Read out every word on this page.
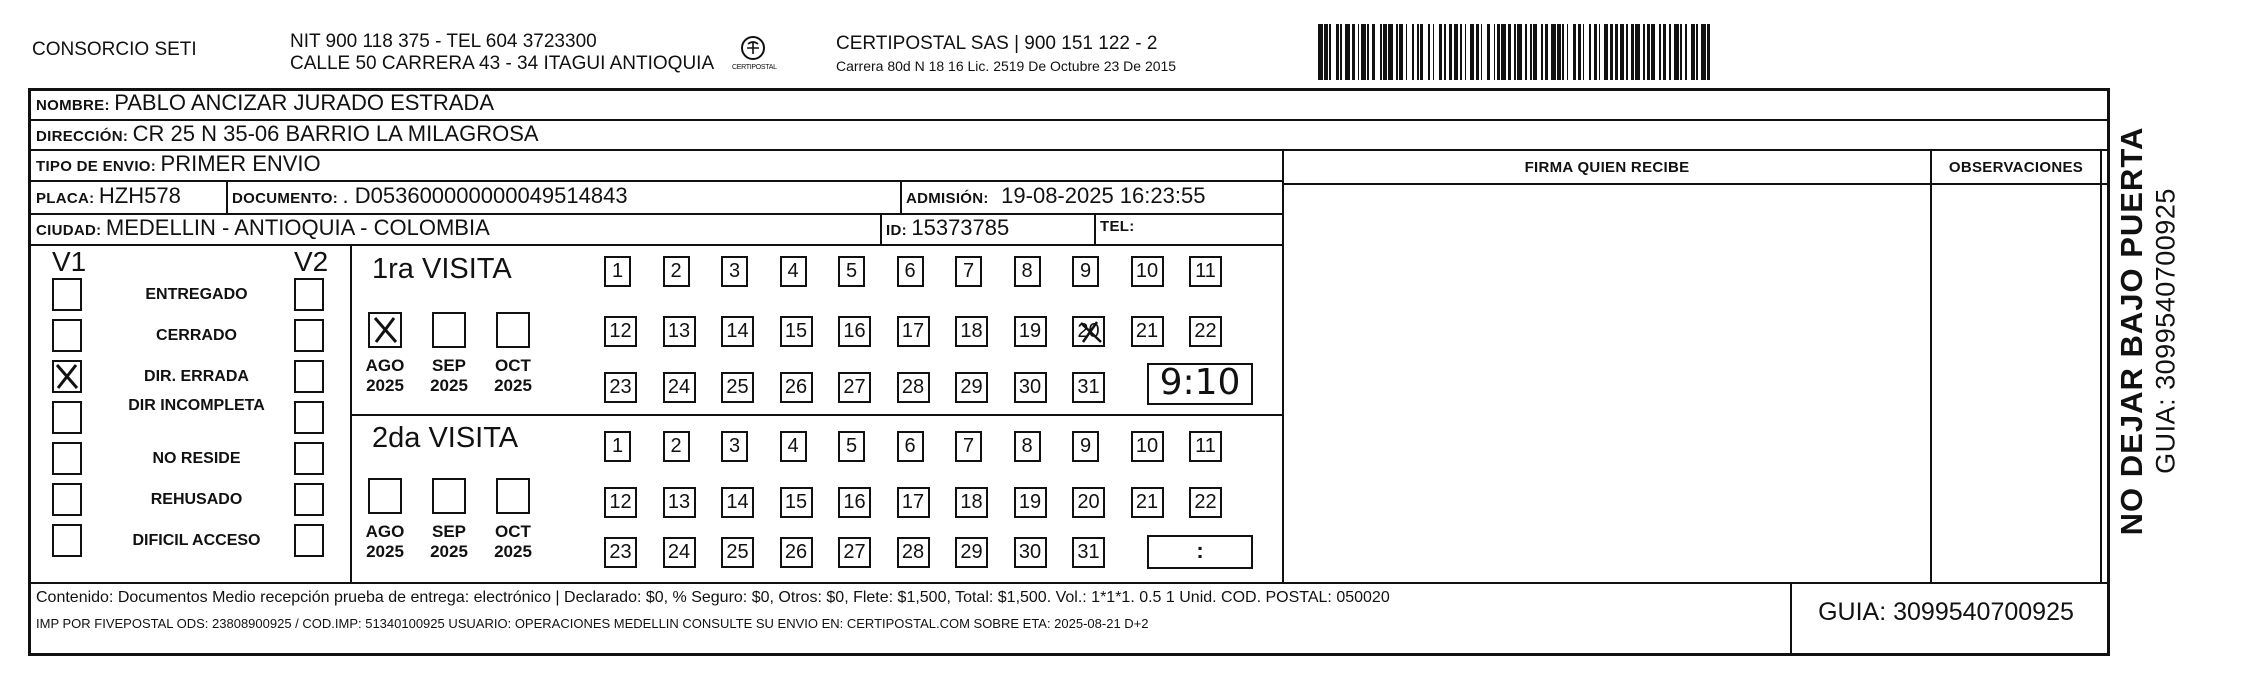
CONSORCIO SETI	NIT 900 118 375 - TEL 604 3723300
CALLE 50 CARRERA 43 - 34 ITAGUI ANTIOQUIA	CERTIPOSTAL
CERTIPOSTAL SAS | 900 151 122 - 2
Carrera 80d N 18 16 Lic. 2519 De Octubre 23 De 2015
NOMBRE: PABLO ANCIZAR JURADO ESTRADA
DIRECCIÓN: CR 25 N 35-06 BARRIO LA MILAGROSA
TIPO DE ENVIO: PRIMER ENVIO
PLACA: HZH578	DOCUMENTO: . D053600000000049514843	ADMISIÓN: 19-08-2025 16:23:55
CIUDAD: MEDELLIN - ANTIOQUIA - COLOMBIA	ID: 15373785	TEL:
FIRMA QUIEN RECIBE	OBSERVACIONES
V1	V2
ENTREGADO
CERRADO
DIR. ERRADA
DIR INCOMPLETA
NO RESIDE
REHUSADO
DIFICIL ACCESO
1ra VISITA
AGO
2025
SEP
2025
OCT
2025
1	2	3	4	5	6	7	8	9	10	11
12 13 14 15 16 17 18 19 20 21 22
23 24 25 26 27 28 29 30 31	9:10
2da VISITA
AGO
2025
SEP
2025
OCT
2025
1	2	3	4	5	6	7	8	9	10	11
12 13 14 15 16 17 18 19 20 21 22
23 24 25 26 27 28 29 30 31	:
Contenido: Documentos Medio recepción prueba de entrega: electrónico | Declarado: $0, % Seguro: $0, Otros: $0, Flete: $1,500, Total: $1,500. Vol.: 1*1*1. 0.5 1 Unid. COD. POSTAL: 050020
IMP POR FIVEPOSTAL ODS: 23808900925 / COD.IMP: 51340100925 USUARIO: OPERACIONES MEDELLIN CONSULTE SU ENVIO EN: CERTIPOSTAL.COM SOBRE ETA: 2025-08-21 D+2	GUIA: 3099540700925
NO DEJAR BAJO PUERTA GUIA: 3099540700925
